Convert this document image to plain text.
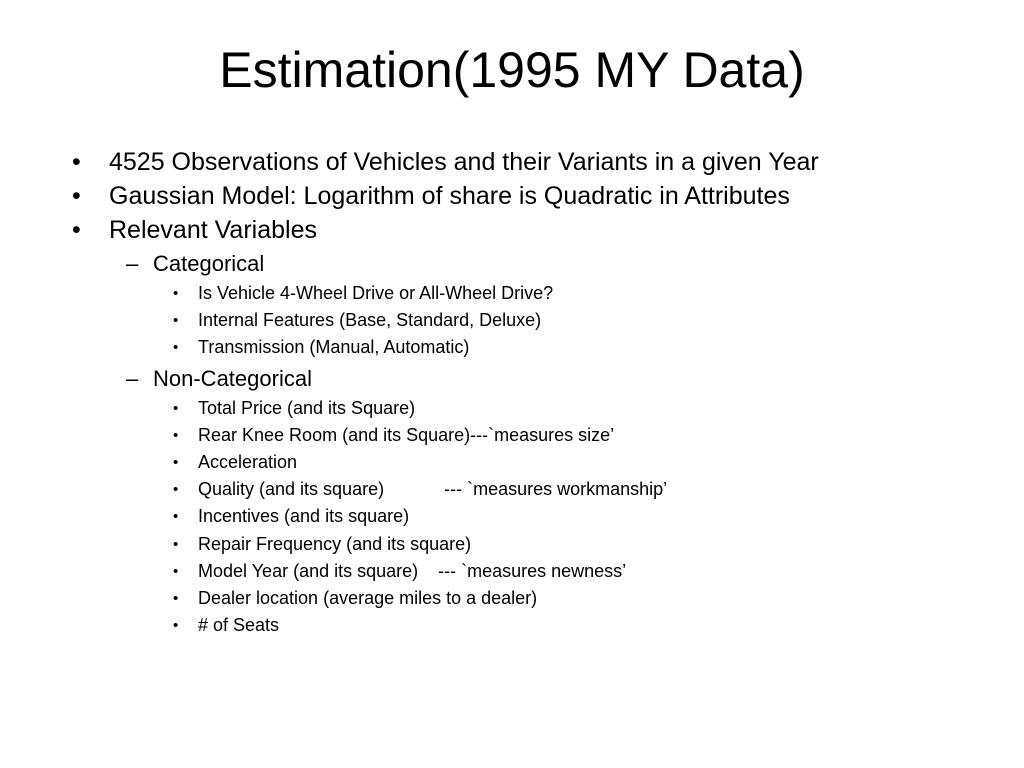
Estimation(1995 MY Data)

•

4525 Observations of Vehicles and their Variants in a given Year

•

Gaussian Model: Logarithm of share is Quadratic in Attributes

•

Relevant Variables

–

Categorical

•

Is Vehicle 4-Wheel Drive or All-Wheel Drive?

•

Internal Features (Base, Standard, Deluxe)

•

Transmission (Manual, Automatic)

–

Non-Categorical

•

Total Price (and its Square)

•

Rear Knee Room (and its Square)---`measures size’

•

Acceleration

•

Quality (and its square)            --- `measures workmanship’

•

Incentives (and its square)

•

Repair Frequency (and its square)

•

Model Year (and its square)    --- `measures newness’

•

Dealer location (average miles to a dealer)

•

# of Seats
